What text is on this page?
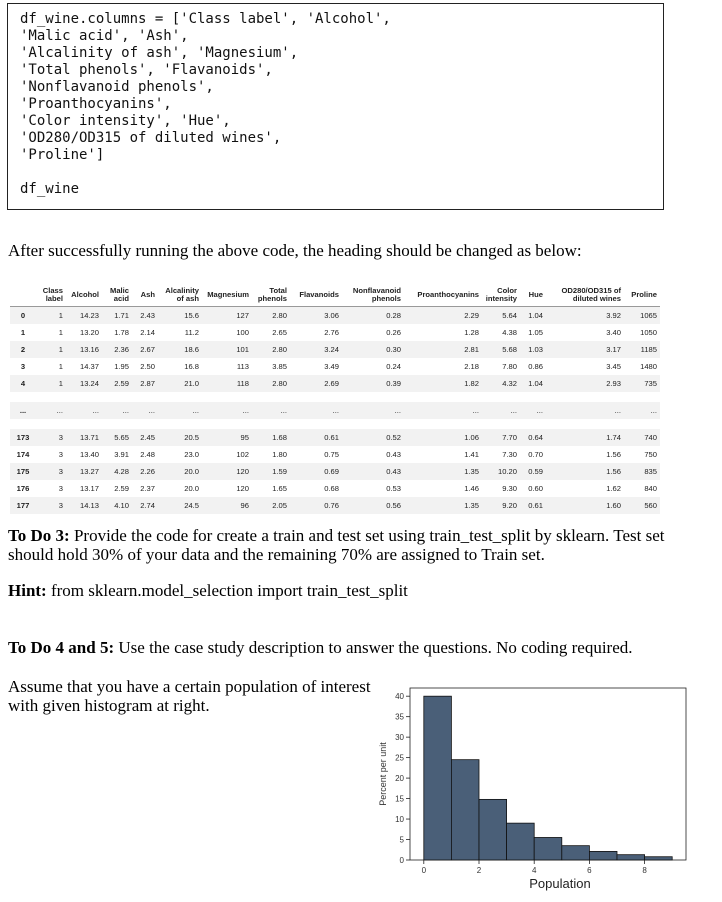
df_wine.columns = ['Class label', 'Alcohol',
'Malic acid', 'Ash',
'Alcalinity of ash', 'Magnesium',
'Total phenols', 'Flavanoids',
'Nonflavanoid phenols',
'Proanthocyanins',
'Color intensity', 'Hue',
'OD280/OD315 of diluted wines',
'Proline']
df_wine
After successfully running the above code, the heading should be changed as below:
	Class label	Alcohol	Malic acid	Ash	Alcalinity of ash	Magnesium	Total phenols	Flavanoids	Nonflavanoid phenols	Proanthocyanins	Color intensity	Hue	OD280/OD315 of diluted wines	Proline
0	1	14.23	1.71	2.43	15.6	127	2.80	3.06	0.28	2.29	5.64	1.04	3.92	1065
1	1	13.20	1.78	2.14	11.2	100	2.65	2.76	0.26	1.28	4.38	1.05	3.40	1050
2	1	13.16	2.36	2.67	18.6	101	2.80	3.24	0.30	2.81	5.68	1.03	3.17	1185
3	1	14.37	1.95	2.50	16.8	113	3.85	3.49	0.24	2.18	7.80	0.86	3.45	1480
4	1	13.24	2.59	2.87	21.0	118	2.80	2.69	0.39	1.82	4.32	1.04	2.93	735

...	...	...	...	...	...	...	...	...	...	...	...	...	...	...

173	3	13.71	5.65	2.45	20.5	95	1.68	0.61	0.52	1.06	7.70	0.64	1.74	740
174	3	13.40	3.91	2.48	23.0	102	1.80	0.75	0.43	1.41	7.30	0.70	1.56	750
175	3	13.27	4.28	2.26	20.0	120	1.59	0.69	0.43	1.35	10.20	0.59	1.56	835
176	3	13.17	2.59	2.37	20.0	120	1.65	0.68	0.53	1.46	9.30	0.60	1.62	840
177	3	14.13	4.10	2.74	24.5	96	2.05	0.76	0.56	1.35	9.20	0.61	1.60	560
To Do 3: Provide the code for create a train and test set using train_test_split by sklearn. Test set
should hold 30% of your data and the remaining 70% are assigned to Train set.
Hint: from sklearn.model_selection import train_test_split
To Do 4 and 5: Use the case study description to answer the questions. No coding required.
Assume that you have a certain population of interest
with given histogram at right.
0
5
10
15
20
25
30
35
40
0	2	4	6	8
Population
Percent per unit
